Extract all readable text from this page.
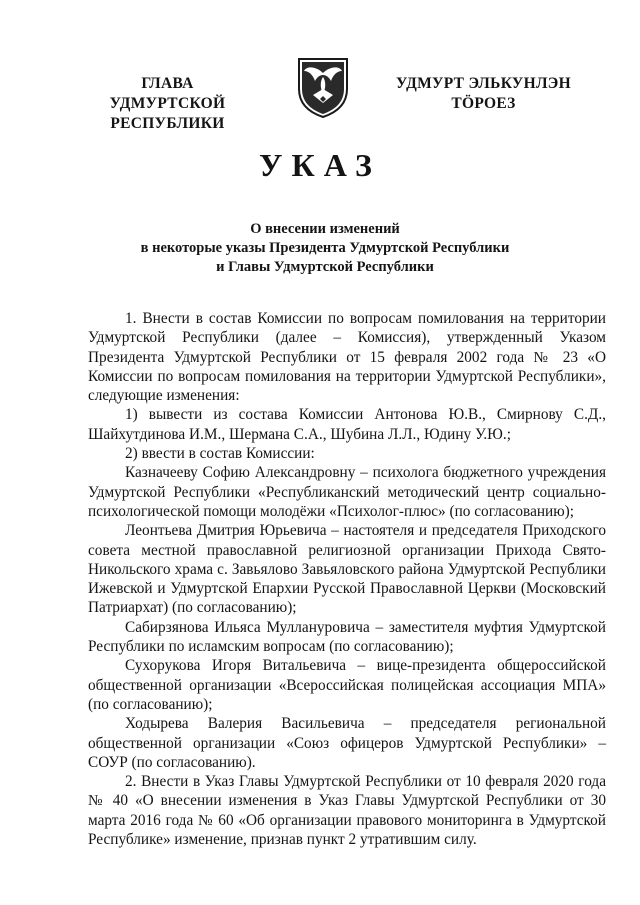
ГЛАВА
УДМУРТСКОЙ РЕСПУБЛИКИ
УДМУРТ ЭЛЬКУНЛЭН
ТӦРОЕЗ
УКАЗ
О внесении изменений
в некоторые указы Президента Удмуртской Республики
и Главы Удмуртской Республики

1. Внести в состав Комиссии по вопросам помилования на территории Удмуртской Республики (далее – Комиссия), утвержденный Указом Президента Удмуртской Республики от 15 февраля 2002 года № 23 «О Комиссии по вопросам помилования на территории Удмуртской Республики», следующие изменения:

1) вывести из состава Комиссии Антонова Ю.В., Смирнову С.Д., Шайхутдинова И.М., Шермана С.А., Шубина Л.Л., Юдину У.Ю.;

2) ввести в состав Комиссии:

Казначееву Софию Александровну – психолога бюджетного учреждения Удмуртской Республики «Республиканский методический центр социально-психологической помощи молодёжи «Психолог-плюс» (по согласованию);

Леонтьева Дмитрия Юрьевича – настоятеля и председателя Приходского совета местной православной религиозной организации Прихода Свято-Никольского храма с. Завьялово Завьяловского района Удмуртской Республики Ижевской и Удмуртской Епархии Русской Православной Церкви (Московский Патриархат) (по согласованию);

Сабирзянова Ильяса Муллануровича – заместителя муфтия Удмуртской Республики по исламским вопросам (по согласованию);

Сухорукова Игоря Витальевича – вице-президента общероссийской общественной организации «Всероссийская полицейская ассоциация МПА» (по согласованию);

Ходырева Валерия Васильевича – председателя региональной общественной организации «Союз офицеров Удмуртской Республики» – СОУР (по согласованию).

2. Внести в Указ Главы Удмуртской Республики от 10 февраля 2020 года № 40 «О внесении изменения в Указ Главы Удмуртской Республики от 30 марта 2016 года № 60 «Об организации правового мониторинга в Удмуртской Республике» изменение, признав пункт 2 утратившим силу.
